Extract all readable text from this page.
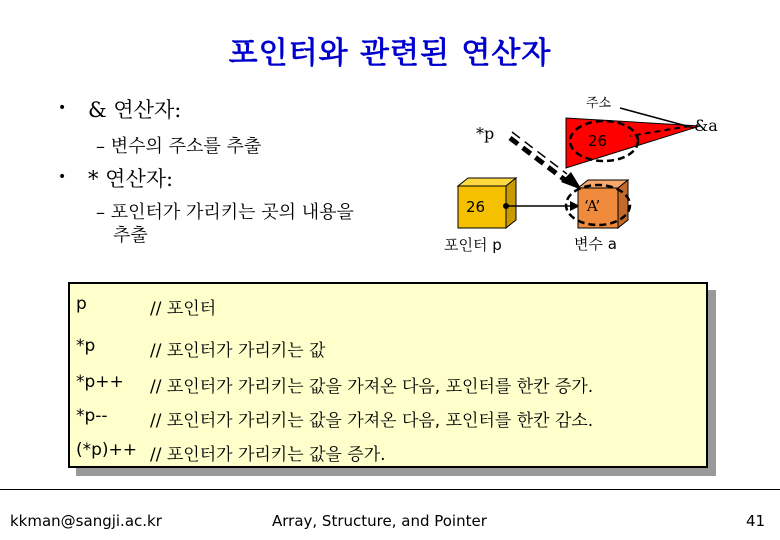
포인터와 관련된 연산자
• & 연산자:
– 변수의 주소를 추출
• * 연산자:
– 포인터가 가리키는 곳의 내용을
추출
주소
&a
*p	26
26	‘A’
포인터 p	변수 a
p	// 포인터
*p	// 포인터가 가리키는 값
*p++ // 포인터가 가리키는 값을 가져온 다음, 포인터를 한칸 증가.
*p-- // 포인터가 가리키는 값을 가져온 다음, 포인터를 한칸 감소.
(*p)++ // 포인터가 가리키는 값을 증가.
kkman@sangji.ac.kr	Array, Structure, and Pointer	41
